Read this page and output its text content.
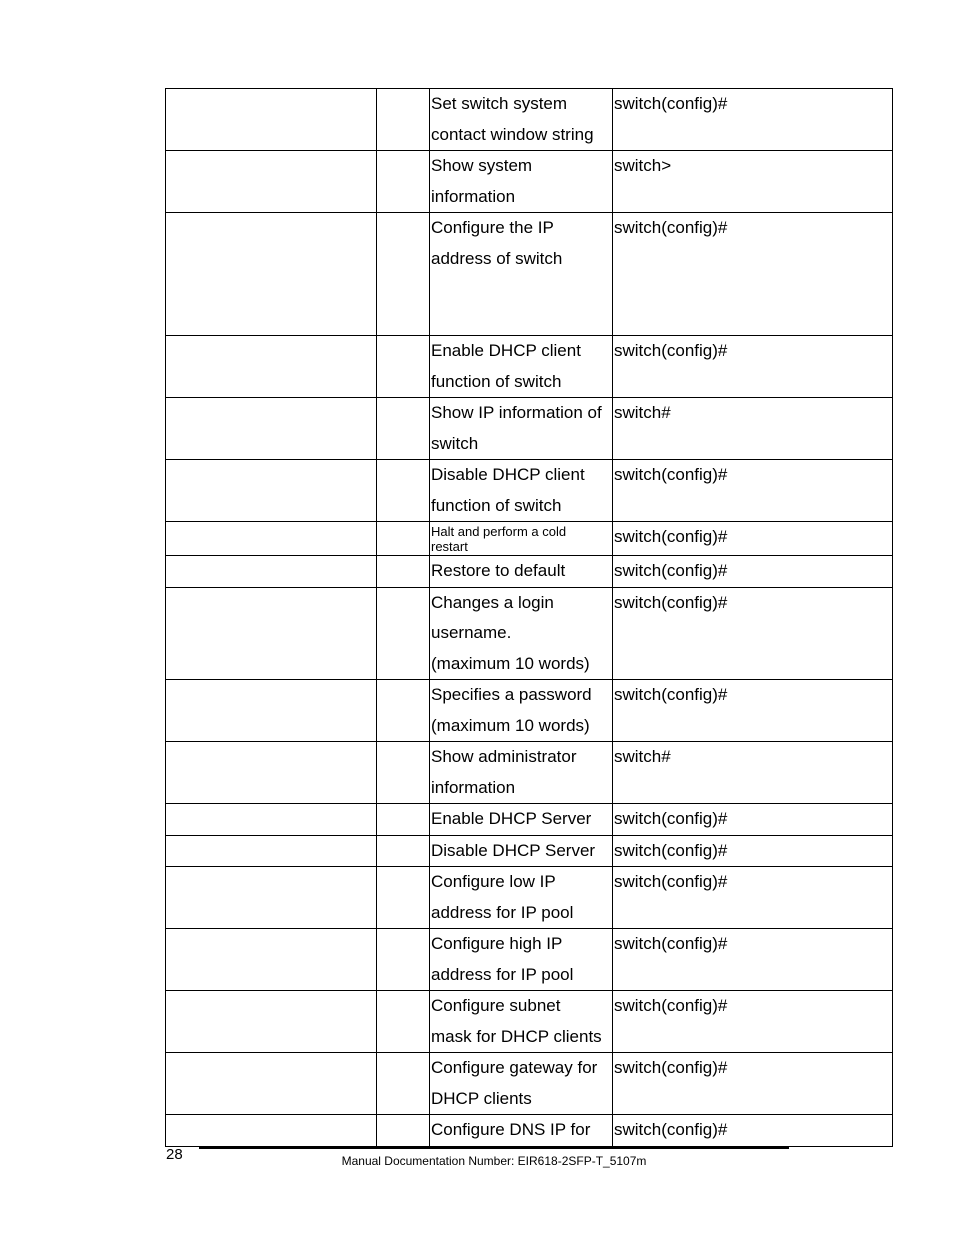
		Set switch system
contact window string	switch(config)#
		Show system
information	switch>
		Configure the IP
address of switch	switch(config)#
		Enable DHCP client
function of switch	switch(config)#
		Show IP information of
switch	switch#
		Disable DHCP client
function of switch	switch(config)#
		Halt and perform a cold
restart	switch(config)#
		Restore to default	switch(config)#
		Changes a login
username.
(maximum 10 words)	switch(config)#
		Specifies a password
(maximum 10 words)	switch(config)#
		Show administrator
information	switch#
		Enable DHCP Server	switch(config)#
		Disable DHCP Server	switch(config)#
		Configure low IP
address for IP pool	switch(config)#
		Configure high IP
address for IP pool	switch(config)#
		Configure subnet
mask for DHCP clients	switch(config)#
		Configure gateway for
DHCP clients	switch(config)#
		Configure DNS IP for	switch(config)#
28	Manual Documentation Number: EIR618-2SFP-T_5107m
